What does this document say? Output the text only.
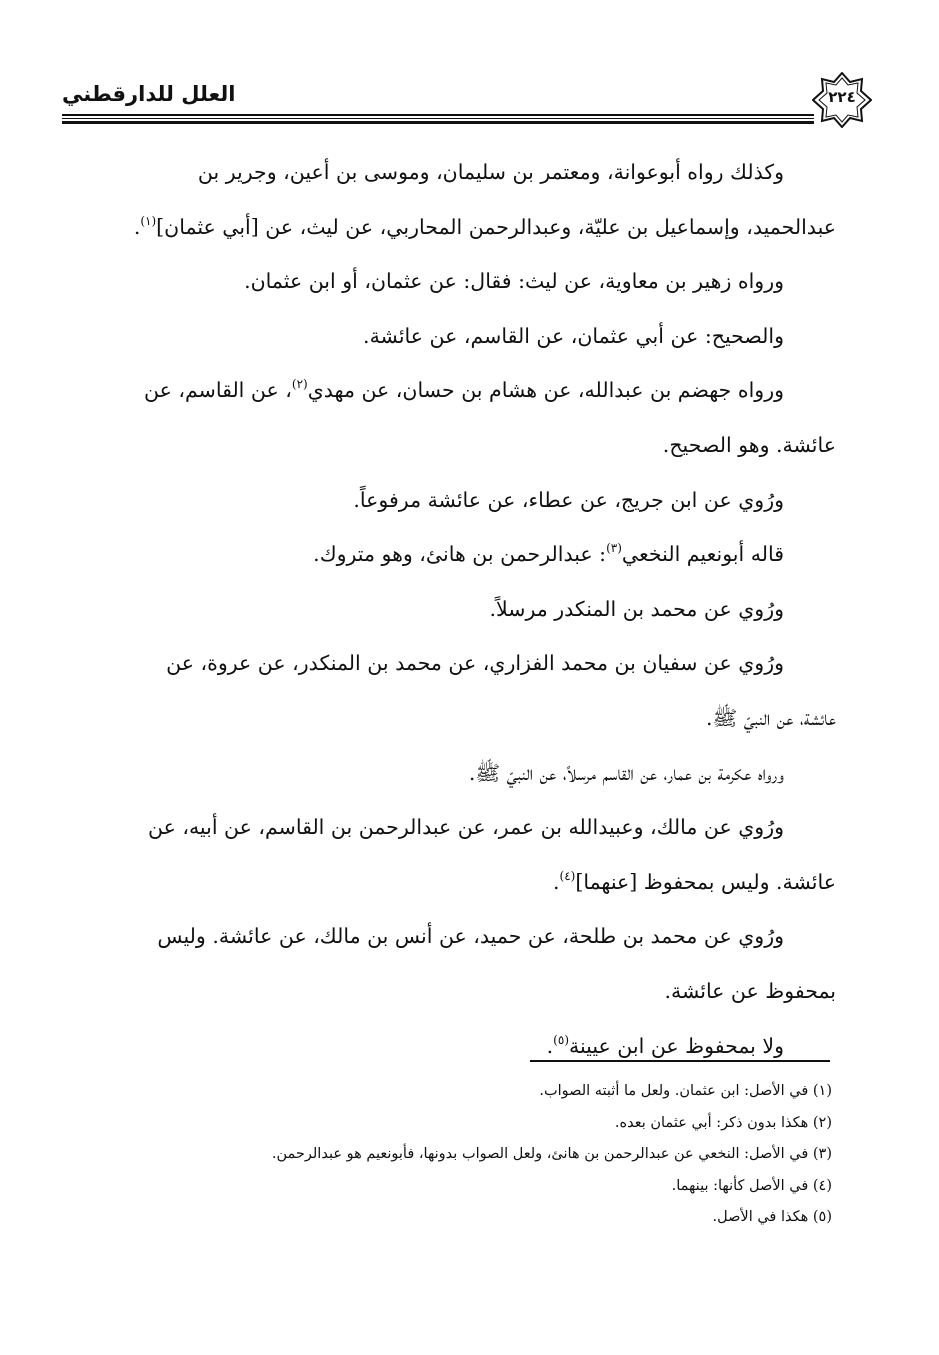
العلل للدارقطني	٢٢٤

وكذلك رواه أبوعوانة، ومعتمر بن سليمان، وموسى بن أعين، وجرير بن

عبدالحميد، وإسماعيل بن عليّة، وعبدالرحمن المحاربي، عن ليث، عن [أبي عثمان]$^{(١)}$.

ورواه زهير بن معاوية، عن ليث: فقال: عن عثمان، أو ابن عثمان.

والصحيح: عن أبي عثمان، عن القاسم، عن عائشة.

ورواه جهضم بن عبدالله، عن هشام بن حسان، عن مهدي$^{(٢)}$، عن القاسم، عن

عائشة. وهو الصحيح.

ورُوي عن ابن جريج، عن عطاء، عن عائشة مرفوعاً.

قاله أبونعيم النخعي$^{(٣)}$: عبدالرحمن بن هانئ، وهو متروك.

ورُوي عن محمد بن المنكدر مرسلاً.

ورُوي عن سفيان بن محمد الفزاري، عن محمد بن المنكدر، عن عروة، عن

عائشة، عن النبيّ ﷺ.

ورواه عكرمة بن عمار، عن القاسم مرسلاً، عن النبيّ ﷺ.

ورُوي عن مالك، وعبيدالله بن عمر، عن عبدالرحمن بن القاسم، عن أبيه، عن

عائشة. وليس بمحفوظ [عنهما]$^{(٤)}$.

ورُوي عن محمد بن طلحة، عن حميد، عن أنس بن مالك، عن عائشة. وليس

بمحفوظ عن عائشة.

ولا بمحفوظ عن ابن عيينة$^{(٥)}$.

(١) في الأصل: ابن عثمان. ولعل ما أثبته الصواب.

(٢) هكذا بدون ذكر: أبي عثمان بعده.

(٣) في الأصل: النخعي عن عبدالرحمن بن هانئ، ولعل الصواب بدونها، فأبونعيم هو عبدالرحمن.

(٤) في الأصل كأنها: بينهما.

(٥) هكذا في الأصل.
